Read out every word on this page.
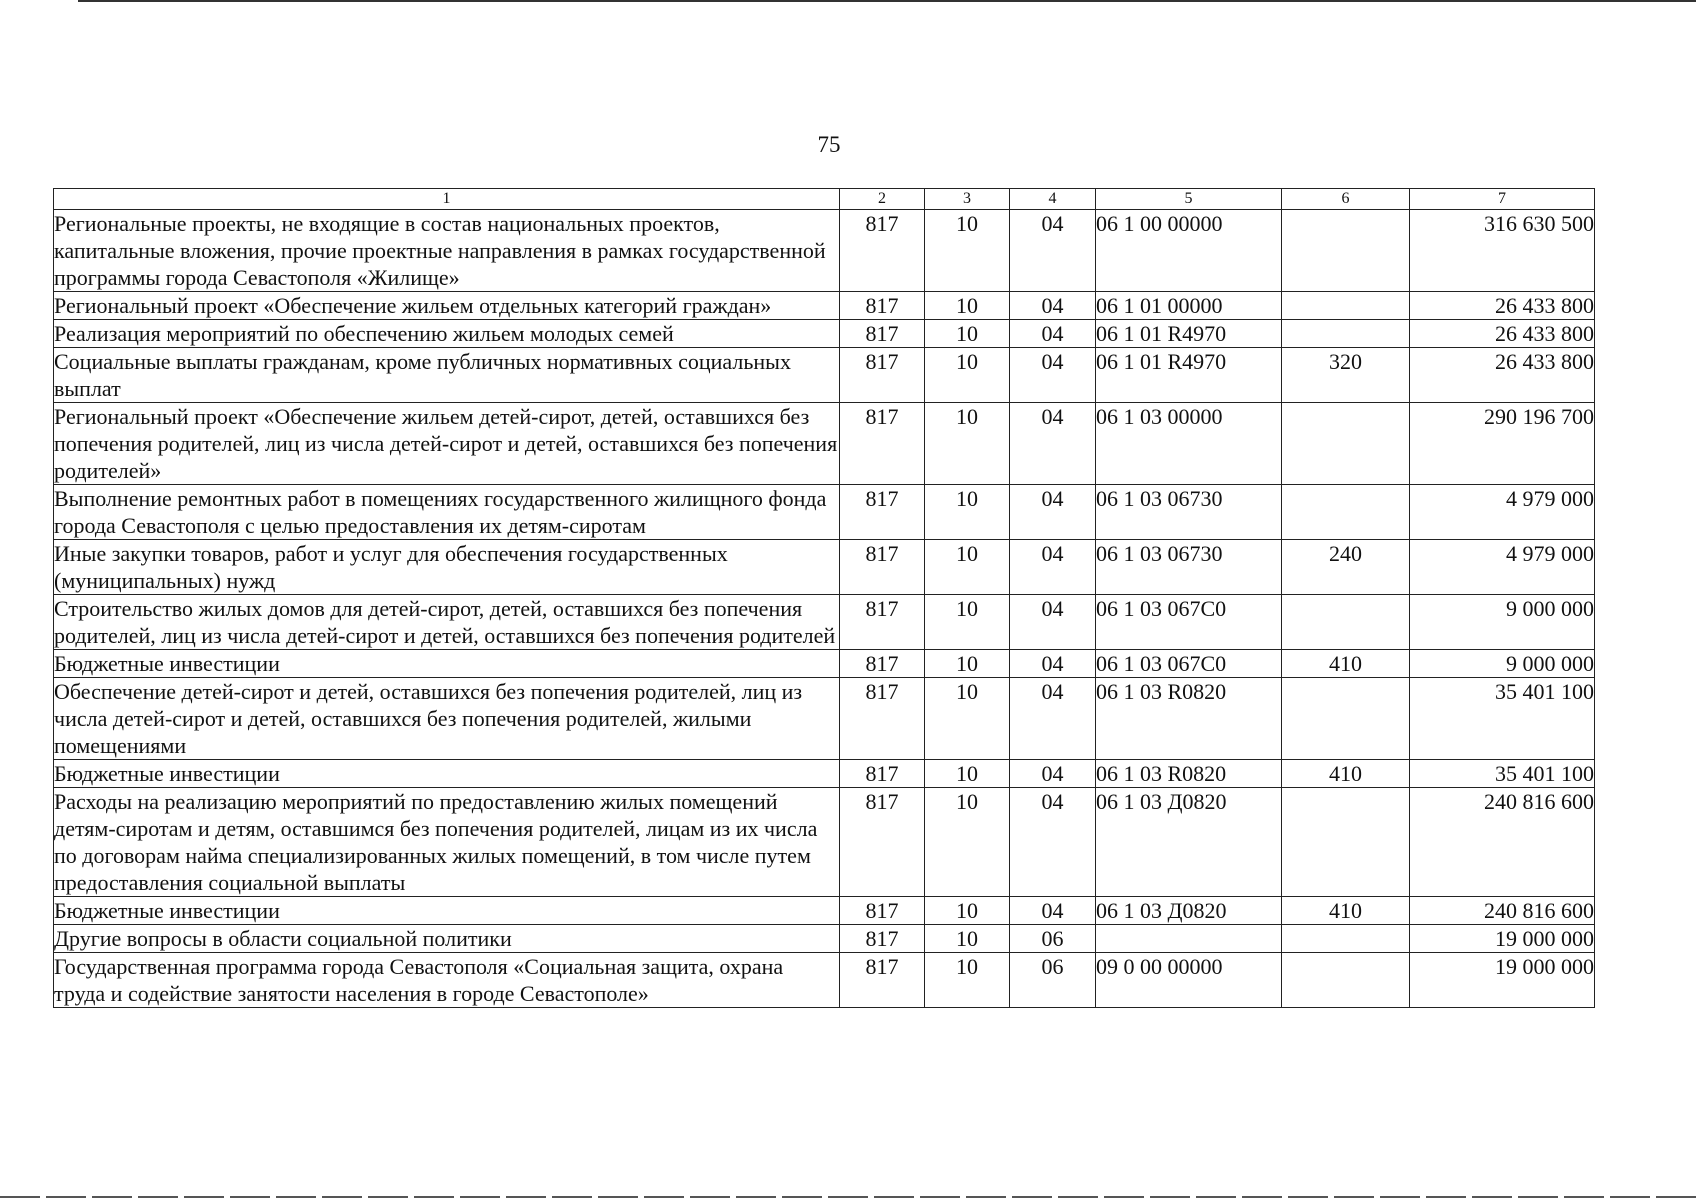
75
1	2	3	4	5	6	7
Региональные проекты, не входящие в состав национальных проектов, капитальные вложения, прочие проектные направления в рамках государственной программы города Севастополя «Жилище»	817	10	04	06 1 00 00000		316 630 500
Региональный проект «Обеспечение жильем отдельных категорий граждан»	817	10	04	06 1 01 00000		26 433 800
Реализация мероприятий по обеспечению жильем молодых семей	817	10	04	06 1 01 R4970		26 433 800
Социальные выплаты гражданам, кроме публичных нормативных социальных выплат	817	10	04	06 1 01 R4970	320	26 433 800
Региональный проект «Обеспечение жильем детей-сирот, детей, оставшихся без попечения родителей, лиц из числа детей-сирот и детей, оставшихся без попечения родителей»	817	10	04	06 1 03 00000		290 196 700
Выполнение ремонтных работ в помещениях государственного жилищного фонда города Севастополя с целью предоставления их детям-сиротам	817	10	04	06 1 03 06730		4 979 000
Иные закупки товаров, работ и услуг для обеспечения государственных (муниципальных) нужд	817	10	04	06 1 03 06730	240	4 979 000
Строительство жилых домов для детей-сирот, детей, оставшихся без попечения родителей, лиц из числа детей-сирот и детей, оставшихся без попечения родителей	817	10	04	06 1 03 067С0		9 000 000
Бюджетные инвестиции	817	10	04	06 1 03 067С0	410	9 000 000
Обеспечение детей-сирот и детей, оставшихся без попечения родителей, лиц из числа детей-сирот и детей, оставшихся без попечения родителей, жилыми помещениями	817	10	04	06 1 03 R0820		35 401 100
Бюджетные инвестиции	817	10	04	06 1 03 R0820	410	35 401 100
Расходы на реализацию мероприятий по предоставлению жилых помещений детям-сиротам и детям, оставшимся без попечения родителей, лицам из их числа по договорам найма специализированных жилых помещений, в том числе путем предоставления социальной выплаты	817	10	04	06 1 03 Д0820		240 816 600
Бюджетные инвестиции	817	10	04	06 1 03 Д0820	410	240 816 600
Другие вопросы в области социальной политики	817	10	06			19 000 000
Государственная программа города Севастополя «Социальная защита, охрана труда и содействие занятости населения в городе Севастополе»	817	10	06	09 0 00 00000		19 000 000
